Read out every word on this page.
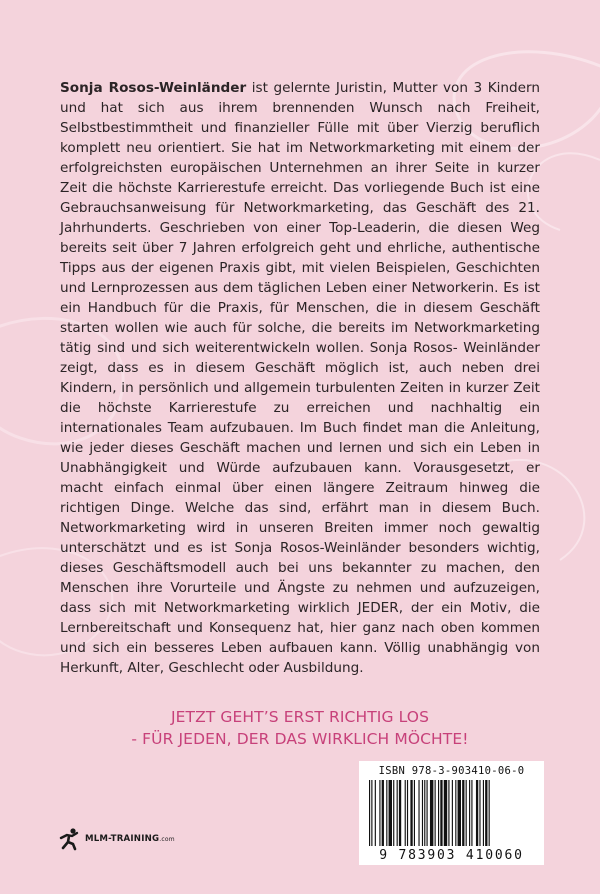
Sonja Rosos-Weinländer ist gelernte Juristin, Mutter von 3 Kindern und hat sich aus ihrem brennenden Wunsch nach Freiheit, Selbstbestimmtheit und finanzieller Fülle mit über Vierzig beruflich komplett neu orientiert. Sie hat im Networkmarketing mit einem der erfolgreichsten europäischen Unternehmen an ihrer Seite in kurzer Zeit die höchste Karrierestufe erreicht. Das vorliegende Buch ist eine Gebrauchsanweisung für Networkmarketing, das Geschäft des 21. Jahrhunderts. Geschrieben von einer Top-Leaderin, die diesen Weg bereits seit über 7 Jahren erfolgreich geht und ehrliche, authentische Tipps aus der eigenen Praxis gibt, mit vielen Beispielen, Geschichten und Lernprozessen aus dem täglichen Leben einer Networkerin. Es ist ein Handbuch für die Praxis, für Menschen, die in diesem Geschäft starten wollen wie auch für solche, die bereits im Networkmarketing tätig sind und sich weiterentwickeln wollen. Sonja Rosos- Weinländer zeigt, dass es in diesem Geschäft möglich ist, auch neben drei Kindern, in persönlich und allgemein turbulenten Zeiten in kurzer Zeit die höchste Karrierestufe zu erreichen und nachhaltig ein internationales Team aufzubauen. Im Buch findet man die Anleitung, wie jeder dieses Geschäft machen und lernen und sich ein Leben in Unabhängigkeit und Würde aufzubauen kann. Vorausgesetzt, er macht einfach einmal über einen längere Zeitraum hinweg die richtigen Dinge. Welche das sind, erfährt man in diesem Buch. Networkmarketing wird in unseren Breiten immer noch gewaltig unterschätzt und es ist Sonja Rosos-Weinländer besonders wichtig, dieses Geschäftsmodell auch bei uns bekannter zu machen, den Menschen ihre Vorurteile und Ängste zu nehmen und aufzuzeigen, dass sich mit Networkmarketing wirklich JEDER, der ein Motiv, die Lernbereitschaft und Konsequenz hat, hier ganz nach oben kommen und sich ein besseres Leben aufbauen kann. Völlig unabhängig von Herkunft, Alter, Geschlecht oder Ausbildung.

JETZT GEHT’S ERST RICHTIG LOS
- FÜR JEDEN, DER DAS WIRKLICH MÖCHTE!
MLM-TRAINING.com
ISBN 978-3-903410-06-0
9 783903 410060
